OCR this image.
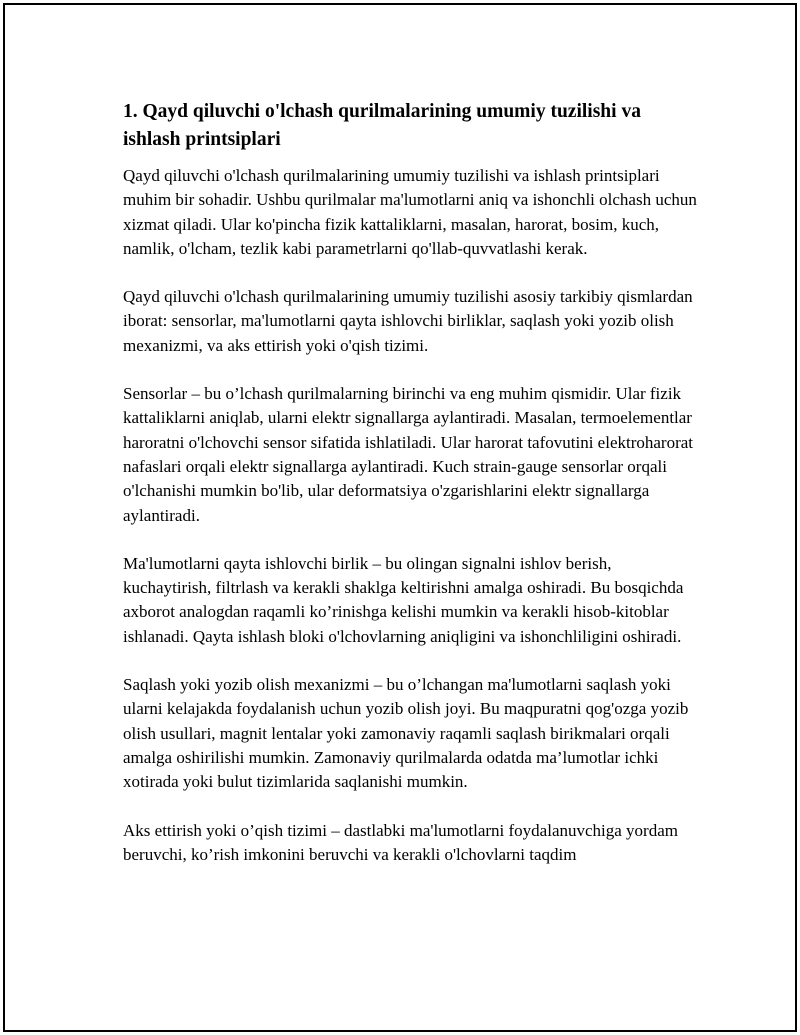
1. Qayd qiluvchi o'lchash qurilmalarining umumiy tuzilishi va ishlash printsiplari

Qayd qiluvchi o'lchash qurilmalarining umumiy tuzilishi va ishlash printsiplari muhim bir sohadir. Ushbu qurilmalar ma'lumotlarni aniq va ishonchli olchash uchun xizmat qiladi. Ular ko'pincha fizik kattaliklarni, masalan, harorat, bosim, kuch, namlik, o'lcham, tezlik kabi parametrlarni qo'llab-quvvatlashi kerak.

Qayd qiluvchi o'lchash qurilmalarining umumiy tuzilishi asosiy tarkibiy qismlardan iborat: sensorlar, ma'lumotlarni qayta ishlovchi birliklar, saqlash yoki yozib olish mexanizmi, va aks ettirish yoki o'qish tizimi.

Sensorlar – bu o’lchash qurilmalarning birinchi va eng muhim qismidir. Ular fizik kattaliklarni aniqlab, ularni elektr signallarga aylantiradi. Masalan, termoelementlar haroratni o'lchovchi sensor sifatida ishlatiladi. Ular harorat tafovutini elektroharorat nafaslari orqali elektr signallarga aylantiradi. Kuch strain-gauge sensorlar orqali o'lchanishi mumkin bo'lib, ular deformatsiya o'zgarishlarini elektr signallarga aylantiradi.

Ma'lumotlarni qayta ishlovchi birlik – bu olingan signalni ishlov berish, kuchaytirish, filtrlash va kerakli shaklga keltirishni amalga oshiradi. Bu bosqichda axborot analogdan raqamli ko’rinishga kelishi mumkin va kerakli hisob-kitoblar ishlanadi. Qayta ishlash bloki o'lchovlarning aniqligini va ishonchliligini oshiradi.

Saqlash yoki yozib olish mexanizmi – bu o’lchangan ma'lumotlarni saqlash yoki ularni kelajakda foydalanish uchun yozib olish joyi. Bu maqpuratni qog'ozga yozib olish usullari, magnit lentalar yoki zamonaviy raqamli saqlash birikmalari orqali amalga oshirilishi mumkin. Zamonaviy qurilmalarda odatda ma’lumotlar ichki xotirada yoki bulut tizimlarida saqlanishi mumkin.

Aks ettirish yoki o’qish tizimi – dastlabki ma'lumotlarni foydalanuvchiga yordam beruvchi, ko’rish imkonini beruvchi va kerakli o'lchovlarni taqdim
